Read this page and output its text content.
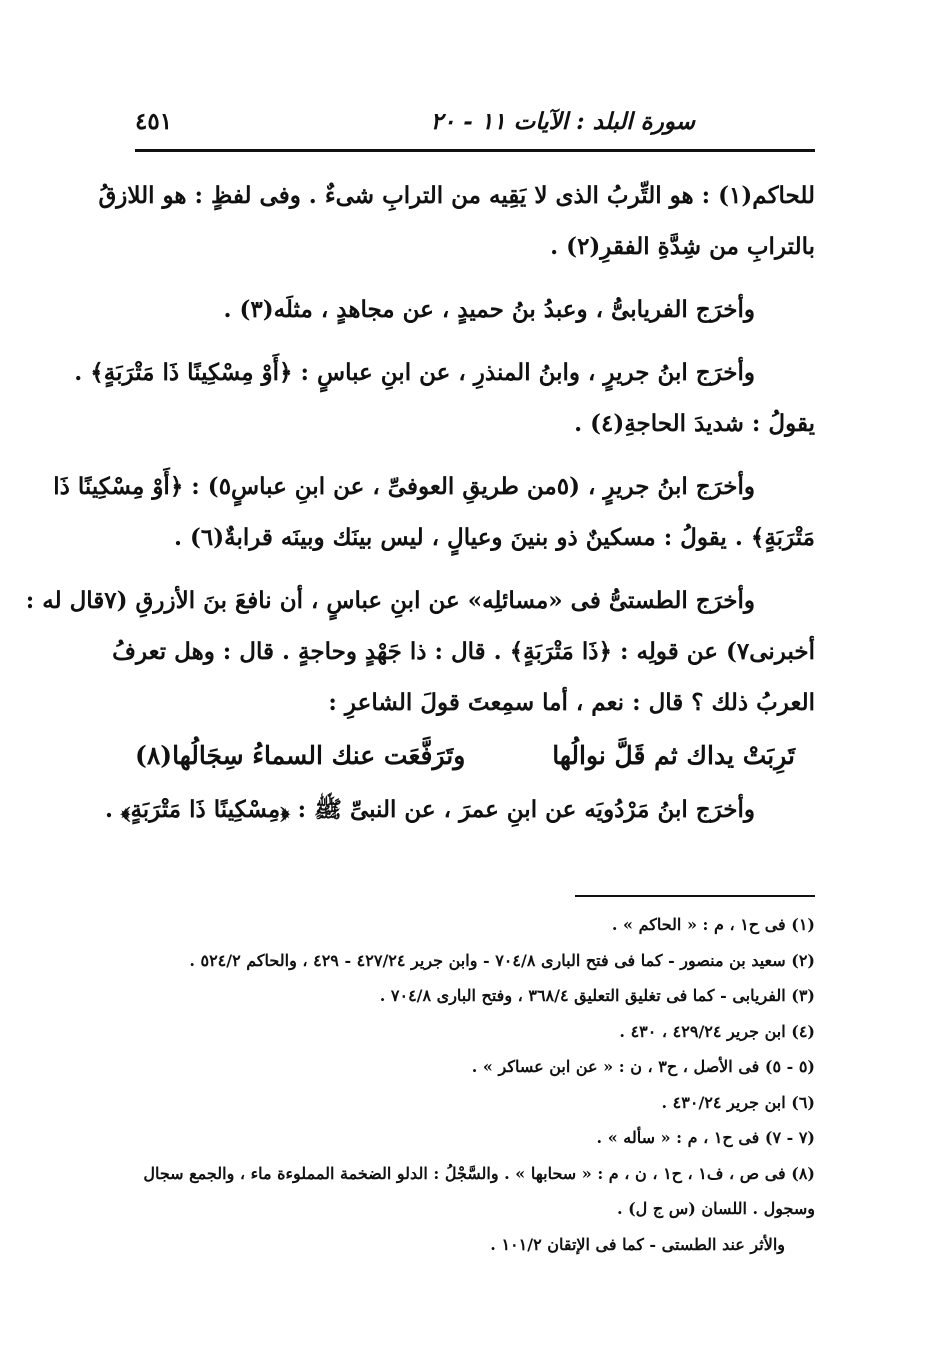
سورة البلد : الآيات ١١ - ٢٠
٤٥١
للحاكم(١) : هو التِّربُ الذى لا يَقِيه من الترابِ شىءٌ . وفى لفظٍ : هو اللازقُ
بالترابِ من شِدَّةِ الفقرِ(٢) .
وأخرَج الفريابىُّ ، وعبدُ بنُ حميدٍ ، عن مجاهدٍ ، مثلَه(٣) .
وأخرَج ابنُ جريرٍ ، وابنُ المنذرِ ، عن ابنِ عباسٍ : ﴿أَوْ مِسْكِينًا ذَا مَتْرَبَةٍ﴾ .
يقولُ : شديدَ الحاجةِ(٤) .
وأخرَج ابنُ جريرٍ ، (٥من طريقِ العوفىِّ ، عن ابنِ عباسٍ٥) : ﴿أَوْ مِسْكِينًا ذَا
مَتْرَبَةٍ﴾ . يقولُ : مسكينٌ ذو بنينَ وعيالٍ ، ليس بينَك وبينَه قرابةٌ(٦) .
وأخرَج الطستىُّ فى «مسائلِه» عن ابنِ عباسٍ ، أن نافعَ بنَ الأزرقِ (٧قال له :
أخبرنى٧) عن قولِه : ﴿ذَا مَتْرَبَةٍ﴾ . قال : ذا جَهْدٍ وحاجةٍ . قال : وهل تعرفُ
العربُ ذلك ؟ قال : نعم ، أما سمِعتَ قولَ الشاعرِ :
تَرِبَتْ يداك ثم قَلَّ نوالُها
وتَرَفَّعَت عنك السماءُ سِجَالُها(٨)
وأخرَج ابنُ مَرْدُويَه عن ابنِ عمرَ ، عن النبىِّ ﷺ : ﴿مِسْكِينًا ذَا مَتْرَبَةٍ﴾ .
(١) فى ح١ ، م : « الحاكم » .
(٢) سعيد بن منصور - كما فى فتح البارى ٧٠٤/٨ - وابن جرير ٤٢٧/٢٤ - ٤٢٩ ، والحاكم ٥٢٤/٢ .
(٣) الفريابى - كما فى تغليق التعليق ٣٦٨/٤ ، وفتح البارى ٧٠٤/٨ .
(٤) ابن جرير ٤٢٩/٢٤ ، ٤٣٠ .
(٥ - ٥) فى الأصل ، ح٣ ، ن : « عن ابن عساكر » .
(٦) ابن جرير ٤٣٠/٢٤ .
(٧ - ٧) فى ح١ ، م : « سأله » .
(٨) فى ص ، ف١ ، ح١ ، ن ، م : « سحابها » . والسَّجْلُ : الدلو الضخمة المملوءة ماء ، والجمع سجال
وسجول . اللسان (س ج ل) .
والأثر عند الطستى - كما فى الإتقان ١٠١/٢ .
